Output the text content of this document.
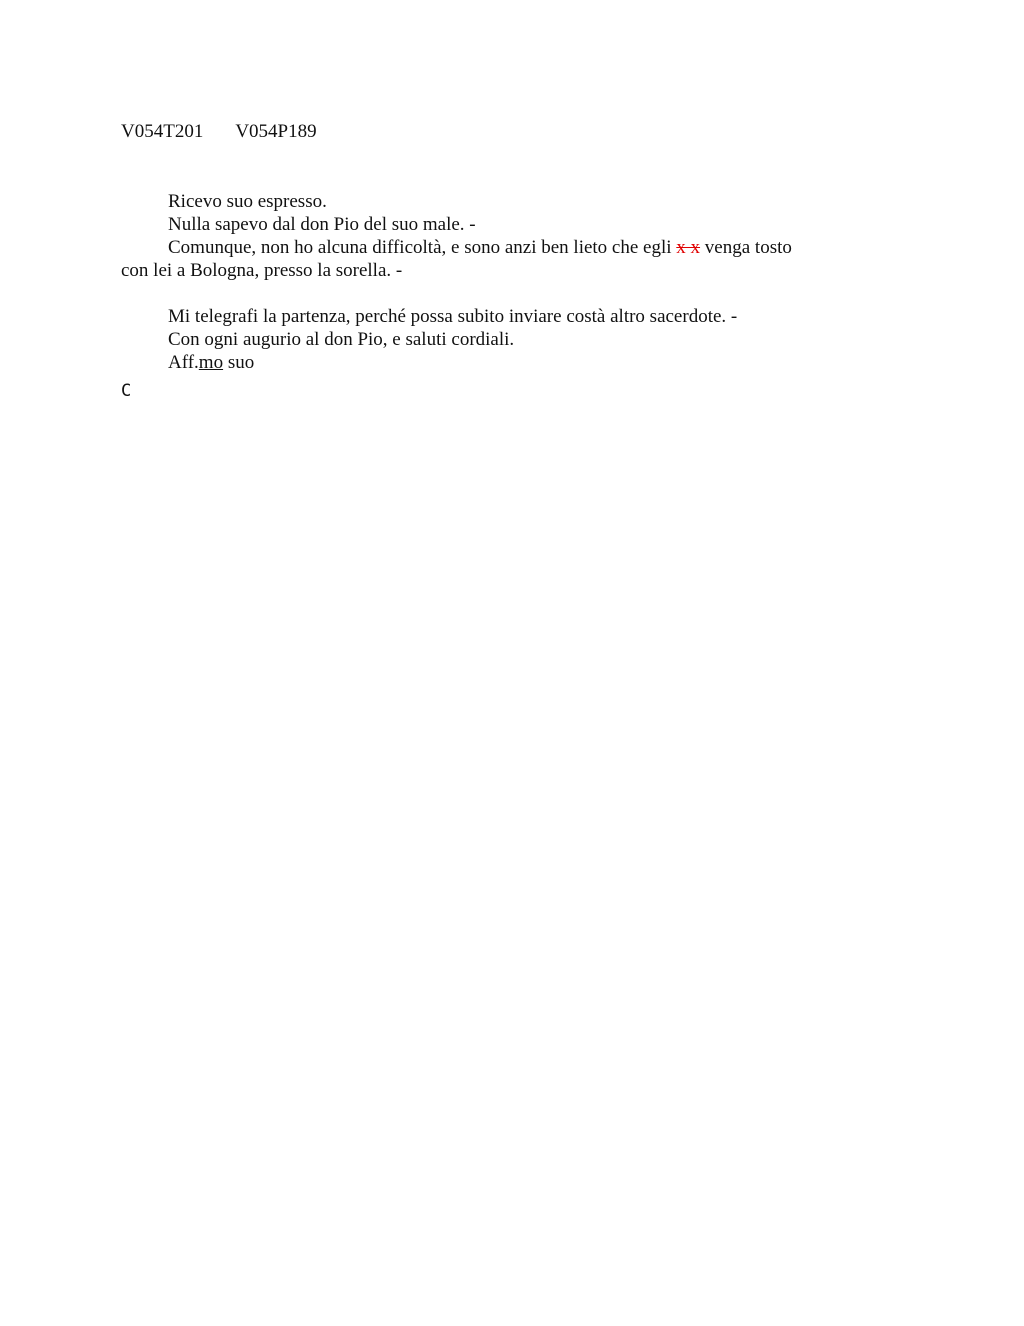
V054T201 V054P189

Ricevo suo espresso.

Nulla sapevo dal don Pio del suo male. -

Comunque, non ho alcuna difficoltà, e sono anzi ben lieto che egli x x venga tosto

con lei a Bologna, presso la sorella. -

Mi telegrafi la partenza, perché possa subito inviare costà altro sacerdote. -

Con ogni augurio al don Pio, e saluti cordiali.

Aff.mo suo

C
